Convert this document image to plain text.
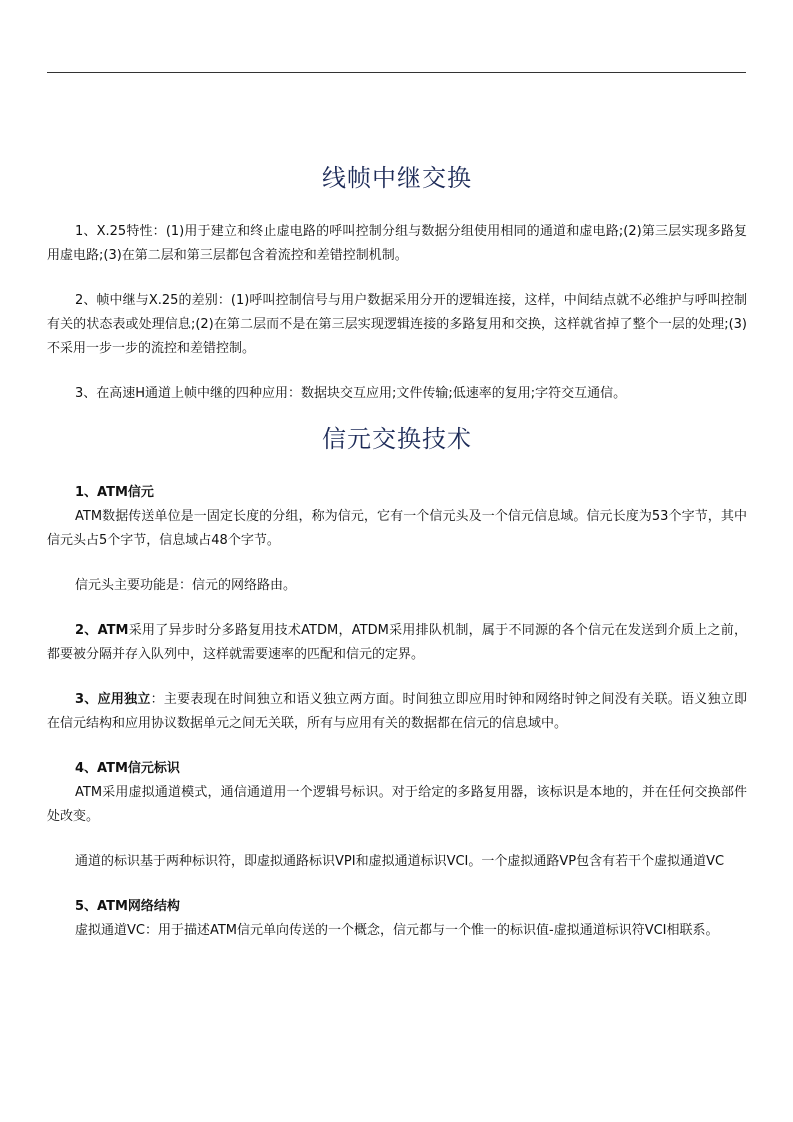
线帧中继交换

1、X.25特性：(1)用于建立和终止虚电路的呼叫控制分组与数据分组使用相同的通道和虚电路;(2)第三层实现多路复用虚电路;(3)在第二层和第三层都包含着流控和差错控制机制。

2、帧中继与X.25的差别：(1)呼叫控制信号与用户数据采用分开的逻辑连接，这样，中间结点就不必维护与呼叫控制有关的状态表或处理信息;(2)在第二层而不是在第三层实现逻辑连接的多路复用和交换，这样就省掉了整个一层的处理;(3)不采用一步一步的流控和差错控制。

3、在高速H通道上帧中继的四种应用：数据块交互应用;文件传输;低速率的复用;字符交互通信。

信元交换技术
1、ATM信元

ATM数据传送单位是一固定长度的分组，称为信元，它有一个信元头及一个信元信息域。信元长度为53个字节，其中信元头占5个字节，信息域占48个字节。

信元头主要功能是：信元的网络路由。

2、ATM采用了异步时分多路复用技术ATDM，ATDM采用排队机制，属于不同源的各个信元在发送到介质上之前，都要被分隔并存入队列中，这样就需要速率的匹配和信元的定界。

3、应用独立：主要表现在时间独立和语义独立两方面。时间独立即应用时钟和网络时钟之间没有关联。语义独立即在信元结构和应用协议数据单元之间无关联，所有与应用有关的数据都在信元的信息域中。

4、ATM信元标识

ATM采用虚拟通道模式，通信通道用一个逻辑号标识。对于给定的多路复用器，该标识是本地的，并在任何交换部件处改变。

通道的标识基于两种标识符，即虚拟通路标识VPI和虚拟通道标识VCI。一个虚拟通路VP包含有若干个虚拟通道VC

5、ATM网络结构

虚拟通道VC：用于描述ATM信元单向传送的一个概念，信元都与一个惟一的标识值-虚拟通道标识符VCI相联系。
